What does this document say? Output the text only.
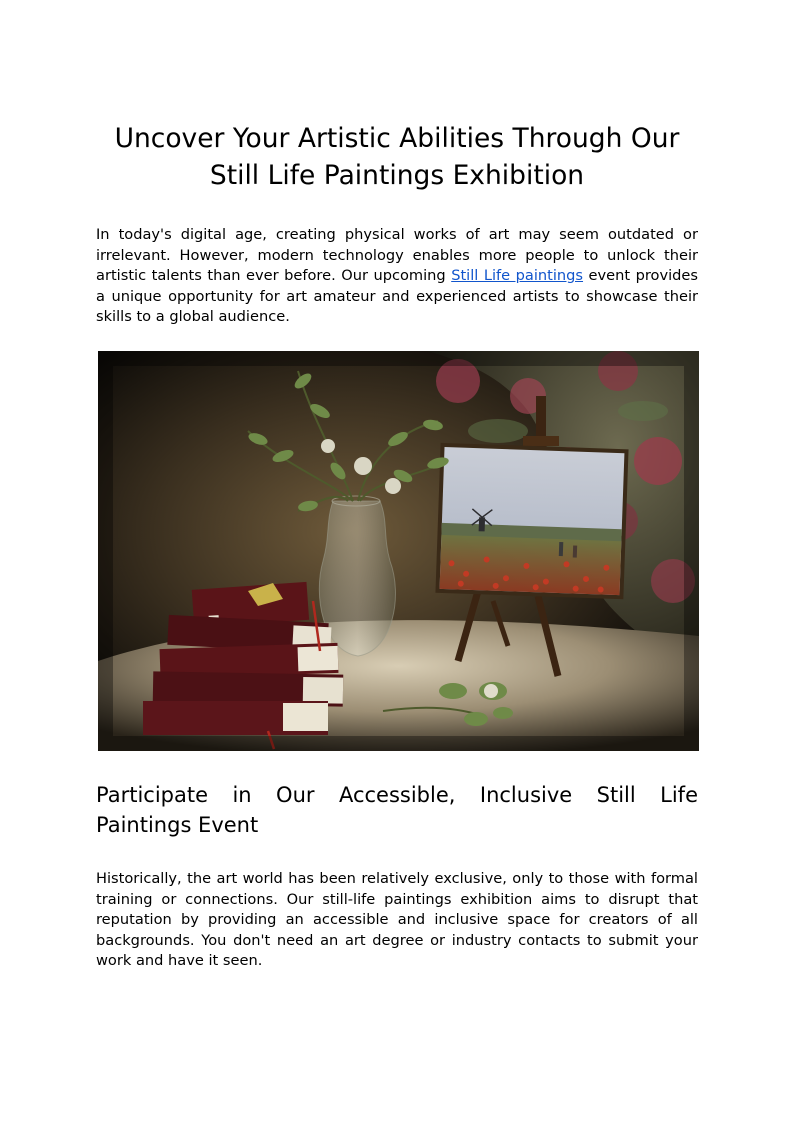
Uncover Your Artistic Abilities Through Our Still Life Paintings Exhibition

In today's digital age, creating physical works of art may seem outdated or irrelevant. However, modern technology enables more people to unlock their artistic talents than ever before. Our upcoming Still Life paintings event provides a unique opportunity for art amateur and experienced artists to showcase their skills to a global audience.

Participate in Our Accessible, Inclusive Still Life
Paintings Event

Historically, the art world has been relatively exclusive, only to those with formal training or connections. Our still-life paintings exhibition aims to disrupt that reputation by providing an accessible and inclusive space for creators of all backgrounds. You don't need an art degree or industry contacts to submit your work and have it seen.
